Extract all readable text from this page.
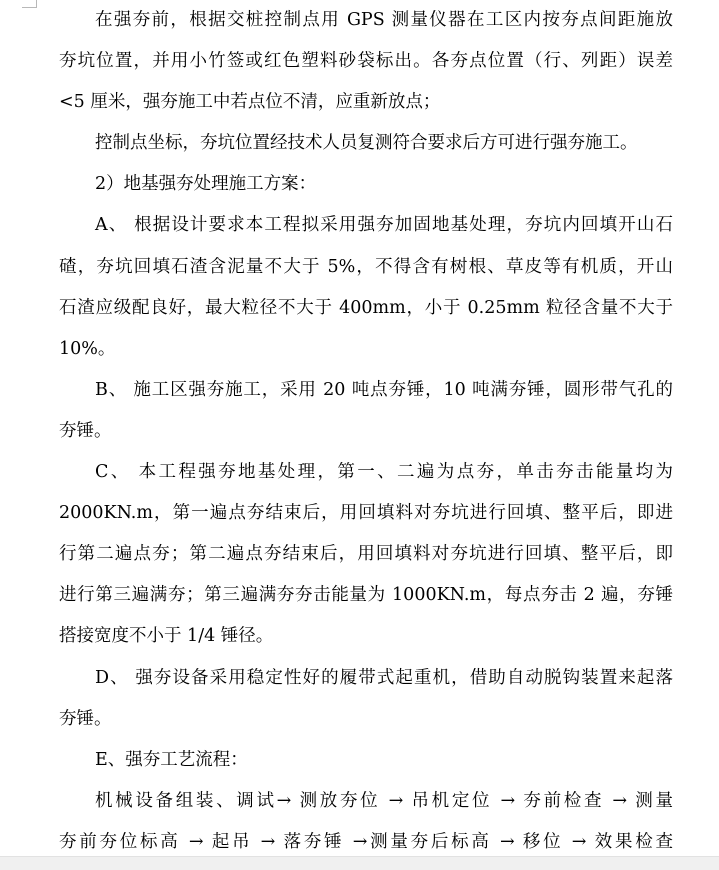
在强夯前，根据交桩控制点用 GPS 测量仪器在工区内按夯点间距施放
夯坑位置，并用小竹签或红色塑料砂袋标出。各夯点位置（行、列距）误差
<5 厘米，强夯施工中若点位不清，应重新放点；
控制点坐标，夯坑位置经技术人员复测符合要求后方可进行强夯施工。
2）地基强夯处理施工方案：
A、 根据设计要求本工程拟采用强夯加固地基处理，夯坑内回填开山石
碴，夯坑回填石渣含泥量不大于 5%，不得含有树根、草皮等有机质，开山
石渣应级配良好，最大粒径不大于 400mm，小于 0.25mm 粒径含量不大于
10%。
B、 施工区强夯施工，采用 20 吨点夯锤，10 吨满夯锤，圆形带气孔的
夯锤。
C、 本工程强夯地基处理，第一、二遍为点夯，单击夯击能量均为
2000KN.m，第一遍点夯结束后，用回填料对夯坑进行回填、整平后，即进
行第二遍点夯；第二遍点夯结束后，用回填料对夯坑进行回填、整平后，即
进行第三遍满夯；第三遍满夯夯击能量为 1000KN.m，每点夯击 2 遍，夯锤
搭接宽度不小于 1/4 锤径。
D、 强夯设备采用稳定性好的履带式起重机，借助自动脱钩装置来起落
夯锤。
E、强夯工艺流程：
机械设备组装、调试→ 测放夯位 → 吊机定位 → 夯前检查 → 测量
夯前夯位标高 → 起吊 → 落夯锤 →测量夯后标高 → 移位 → 效果检查
